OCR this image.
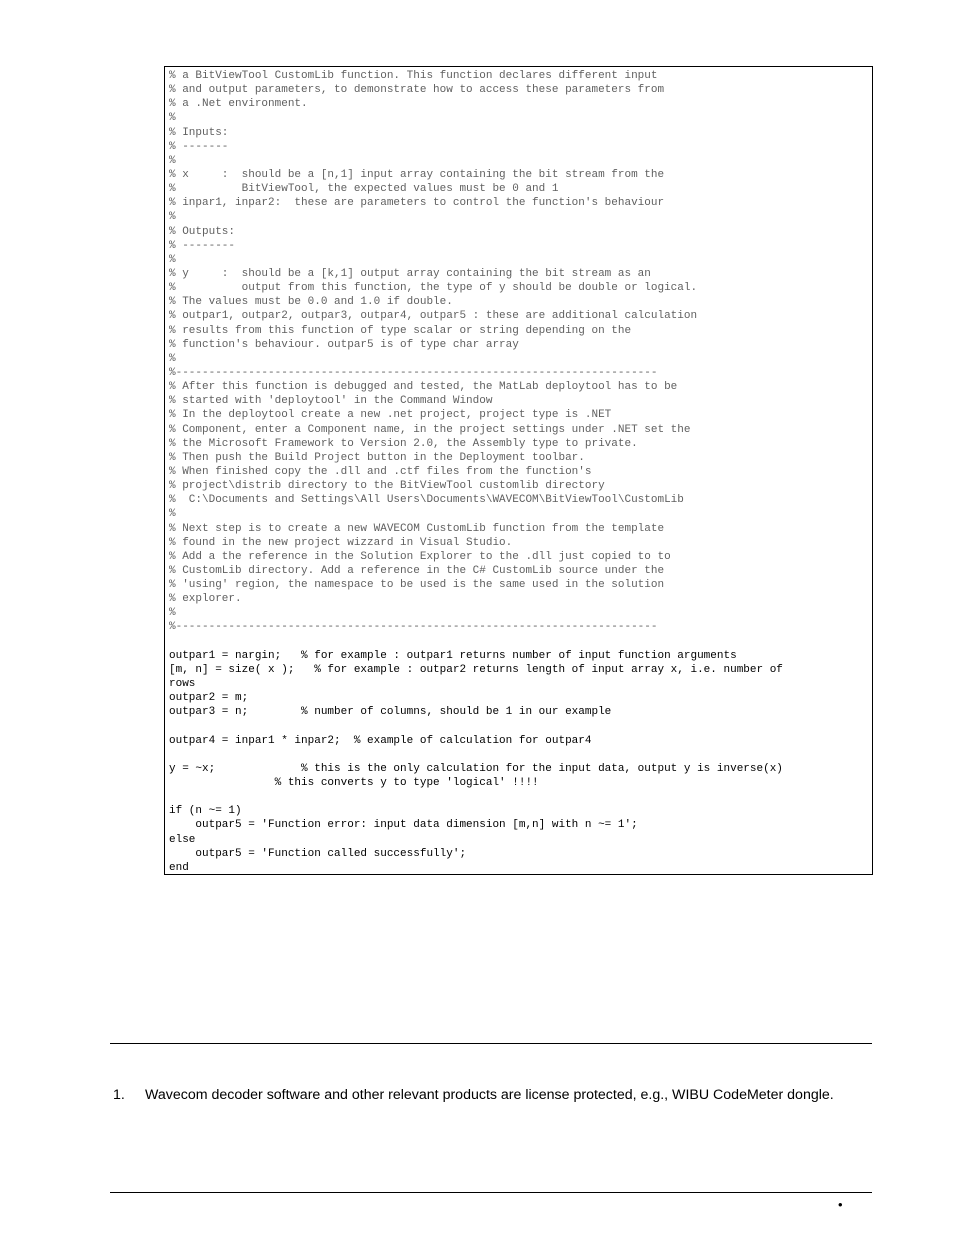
% a BitViewTool CustomLib function. This function declares different input
% and output parameters, to demonstrate how to access these parameters from
% a .Net environment.
%
% Inputs:
% -------
%
% x     :  should be a [n,1] input array containing the bit stream from the
%          BitViewTool, the expected values must be 0 and 1
% inpar1, inpar2:  these are parameters to control the function's behaviour
%
% Outputs:
% --------
%
% y     :  should be a [k,1] output array containing the bit stream as an
%          output from this function, the type of y should be double or logical.
% The values must be 0.0 and 1.0 if double.
% outpar1, outpar2, outpar3, outpar4, outpar5 : these are additional calculation
% results from this function of type scalar or string depending on the
% function's behaviour. outpar5 is of type char array
%
%-------------------------------------------------------------------------
% After this function is debugged and tested, the MatLab deploytool has to be
% started with 'deploytool' in the Command Window
% In the deploytool create a new .net project, project type is .NET
% Component, enter a Component name, in the project settings under .NET set the
% the Microsoft Framework to Version 2.0, the Assembly type to private.
% Then push the Build Project button in the Deployment toolbar.
% When finished copy the .dll and .ctf files from the function's
% project\distrib directory to the BitViewTool customlib directory
%  C:\Documents and Settings\All Users\Documents\WAVECOM\BitViewTool\CustomLib
%
% Next step is to create a new WAVECOM CustomLib function from the template
% found in the new project wizzard in Visual Studio.
% Add a the reference in the Solution Explorer to the .dll just copied to to
% CustomLib directory. Add a reference in the C# CustomLib source under the
% 'using' region, the namespace to be used is the same used in the solution
% explorer.
%
%-------------------------------------------------------------------------
outpar1 = nargin;   % for example : outpar1 returns number of input function arguments
[m, n] = size( x );   % for example : outpar2 returns length of input array x, i.e. number of
rows
outpar2 = m;
outpar3 = n;        % number of columns, should be 1 in our example
outpar4 = inpar1 * inpar2;  % example of calculation for outpar4
y = ~x;             % this is the only calculation for the input data, output y is inverse(x)
% this converts y to type 'logical' !!!!
if (n ~= 1)
outpar5 = 'Function error: input data dimension [m,n] with n ~= 1';
else
outpar5 = 'Function called successfully';
end
1. Wavecom decoder software and other relevant products are license protected, e.g., WIBU CodeMeter dongle.
•
